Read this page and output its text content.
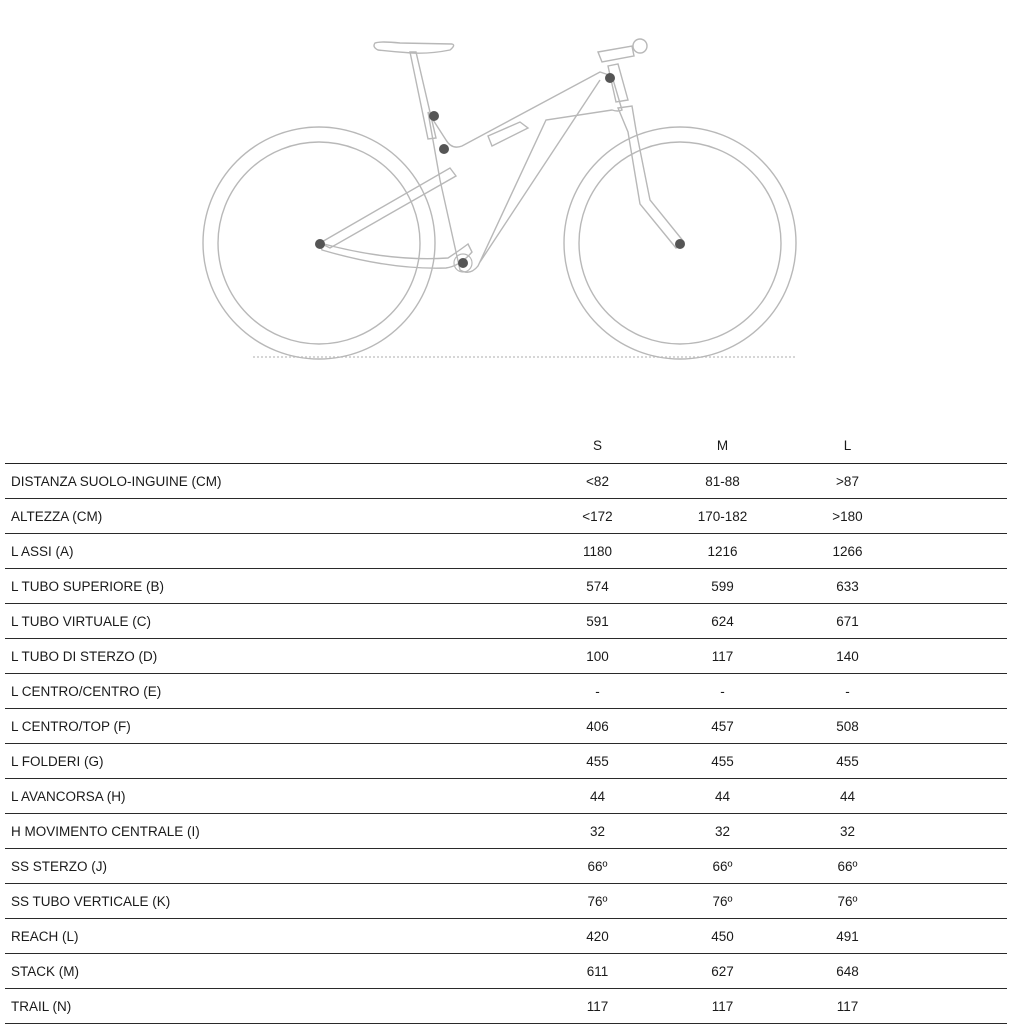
	S	M	L	
DISTANZA SUOLO-INGUINE (CM)	<82	81-88	>87	
ALTEZZA (CM)	<172	170-182	>180	
L ASSI (A)	1180	1216	1266	
L TUBO SUPERIORE (B)	574	599	633	
L TUBO VIRTUALE (C)	591	624	671	
L TUBO DI STERZO (D)	100	117	140	
L CENTRO/CENTRO (E)	-	-	-	
L CENTRO/TOP (F)	406	457	508	
L FOLDERI (G)	455	455	455	
L AVANCORSA (H)	44	44	44	
H MOVIMENTO CENTRALE (I)	32	32	32	
SS STERZO (J)	66º	66º	66º	
SS TUBO VERTICALE (K)	76º	76º	76º	
REACH (L)	420	450	491	
STACK (M)	611	627	648	
TRAIL (N)	117	117	117	
